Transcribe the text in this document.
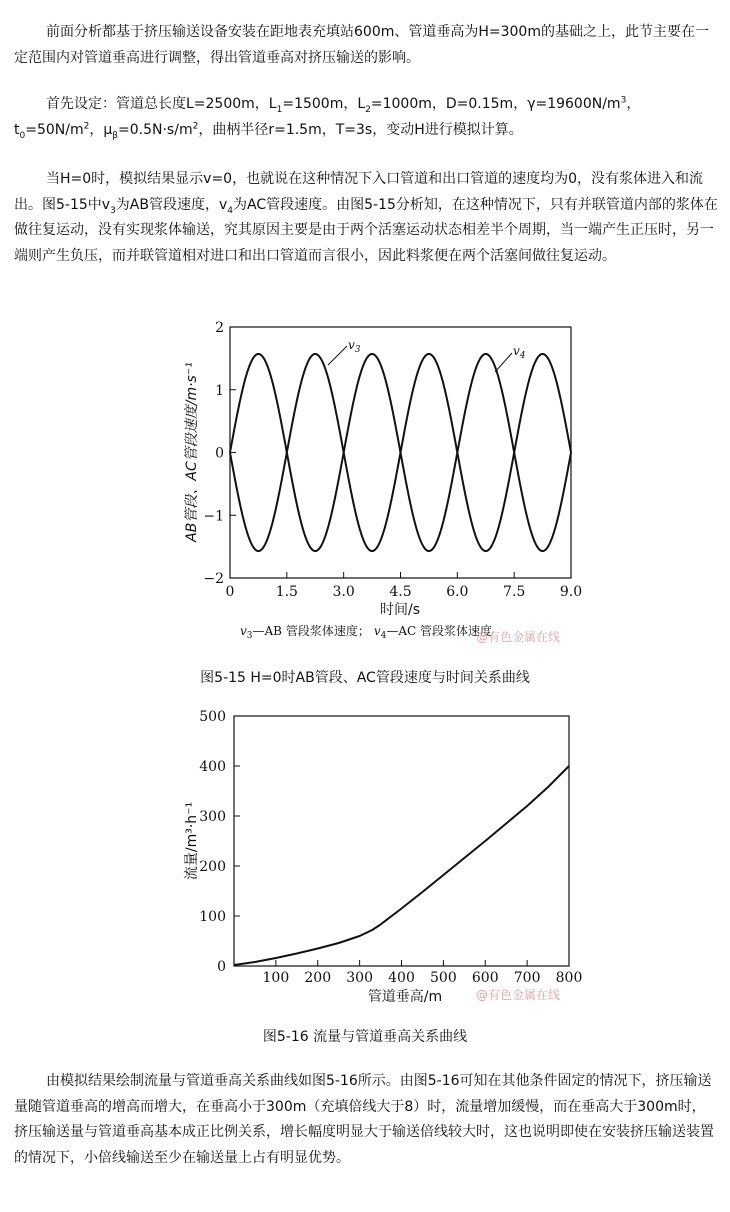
前面分析都基于挤压输送设备安装在距地表充填站600m、管道垂高为H=300m的基础之上，此节主要在一定范围内对管道垂高进行调整，得出管道垂高对挤压输送的影响。

首先设定：管道总长度L=2500m，$L_1=1500m$，$L_2=1000m$，D=0.15m，$\gamma=19600N/m^3$，$t_0=50N/m^2$，$\mu_\beta=0.5N\cdot s/m^2$，曲柄半径r=1.5m，T=3s，变动H进行模拟计算。

当H=0时，模拟结果显示v=0，也就说在这种情况下入口管道和出口管道的速度均为0，没有浆体进入和流出。图5-15中$v_3$为AB管段速度，$v_4$为AC管段速度。由图5-15分析知，在这种情况下，只有并联管道内部的浆体在做往复运动，没有实现浆体输送，究其原因主要是由于两个活塞运动状态相差半个周期，当一端产生正压时，另一端则产生负压，而并联管道相对进口和出口管道而言很小，因此料浆便在两个活塞间做往复运动。

0	1.5 3.0 4.5 6.0 7.5 9.0
2
1
0
−1
−2
时间/s
AB管段、AC管段速度/m·s⁻¹
$v_3$	$v_4$
$v_3—AB$ 管段浆体速度； $v_4—AC$ 管段浆体速度
@有色金属在线
图5-15 H=0时AB管段、AC管段速度与时间关系曲线
100 200 300 400 500 600 700 800
500
400
300
200
100
0
管道垂高/m
流量/m³·h⁻¹
@有色金属在线
图5-16 流量与管道垂高关系曲线

由模拟结果绘制流量与管道垂高关系曲线如图5-16所示。由图5-16可知在其他条件固定的情况下，挤压输送量随管道垂高的增高而增大，在垂高小于300m（充填倍线大于8）时，流量增加缓慢，而在垂高大于300m时，挤压输送量与管道垂高基本成正比例关系，增长幅度明显大于输送倍线较大时，这也说明即使在安装挤压输送装置的情况下，小倍线输送至少在输送量上占有明显优势。
